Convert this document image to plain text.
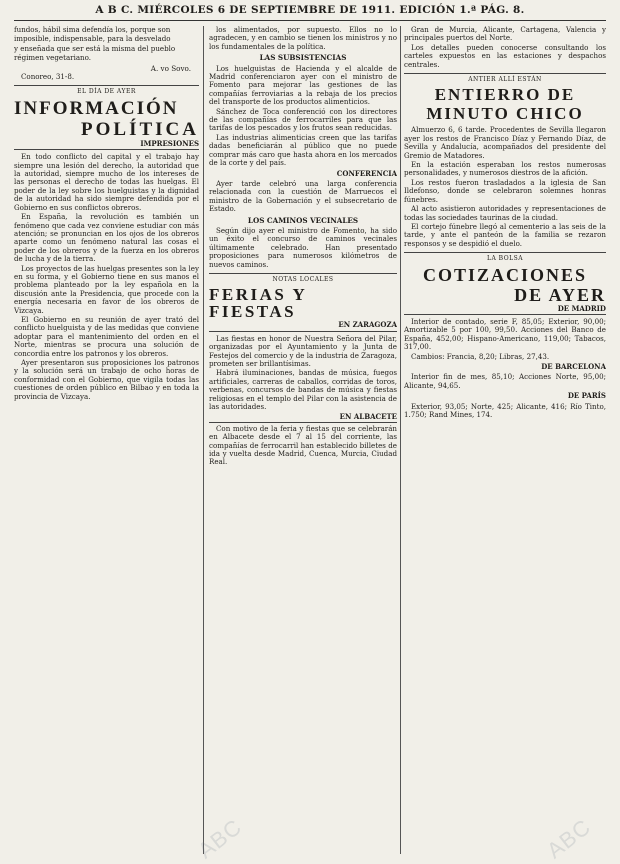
A B C. MIÉRCOLES 6 DE SEPTIEMBRE DE 1911. EDICIÓN 1.ª PÁG. 8.

fundos, hábil sima defendía los, porque son

imposible, indispensable, para la desvelado

y enseñada que ser está la misma del pueblo

régimen vegetariano.

A. vo Sovo.

Conoreo, 31-8.

EL DÍA DE AYER
INFORMACIÓN
POLÍTICA
IMPRESIONES

En todo conflicto del capital y el trabajo hay siempre una lesión del derecho, la autoridad que la autoridad, siempre mucho de los intereses de las personas el derecho de todas las huelgas. El poder de la ley sobre los huelguistas y la dignidad de la autoridad ha sido siempre defendida por el Gobierno en sus conflictos obreros.

En España, la revolución es también un fenómeno que cada vez conviene estudiar con más atención; se pronuncian en los ojos de los obreros aparte como un fenómeno natural las cosas el poder de los obreros y de la fuerza en los obreros de lucha y de la tierra.

Los proyectos de las huelgas presentes son la ley en su forma, y el Gobierno tiene en sus manos el problema planteado por la ley española en la discusión ante la Presidencia, que procede con la energía necesaria en favor de los obreros de Vizcaya.

El Gobierno en su reunión de ayer trató del conflicto huelguista y de las medidas que conviene adoptar para el mantenimiento del orden en el Norte, mientras se procura una solución de concordia entre los patronos y los obreros.

Ayer presentaron sus proposiciones los patronos y la solución será un trabajo de ocho horas de conformidad con el Gobierno, que vigila todas las cuestiones de orden público en Bilbao y en toda la provincia de Vizcaya.

los alimentados, por supuesto. Ellos no lo agradecen, y en cambio se tienen los ministros y no los fundamentales de la política.

LAS SUBSISTENCIAS

Los huelguistas de Hacienda y el alcalde de Madrid conferenciaron ayer con el ministro de Fomento para mejorar las gestiones de las compañías ferroviarias a la rebaja de los precios del transporte de los productos alimenticios.

Sánchez de Toca conferenció con los directores de las compañías de ferrocarriles para que las tarifas de los pescados y los frutos sean reducidas.

Las industrias alimenticias creen que las tarifas dadas beneficiarán al público que no puede comprar más caro que hasta ahora en los mercados de la corte y del país.

CONFERENCIA

Ayer tarde celebró una larga conferencia relacionada con la cuestión de Marruecos el ministro de la Gobernación y el subsecretario de Estado.

LOS CAMINOS VECINALES

Según dijo ayer el ministro de Fomento, ha sido un éxito el concurso de caminos vecinales últimamente celebrado. Han presentado proposiciones para numerosos kilómetros de nuevos caminos.

NOTAS LOCALES
FERIAS Y FIESTAS
EN ZARAGOZA

Las fiestas en honor de Nuestra Señora del Pilar, organizadas por el Ayuntamiento y la Junta de Festejos del comercio y de la industria de Zaragoza, prometen ser brillantísimas.

Habrá iluminaciones, bandas de música, fuegos artificiales, carreras de caballos, corridas de toros, verbenas, concursos de bandas de música y fiestas religiosas en el templo del Pilar con la asistencia de las autoridades.

EN ALBACETE

Con motivo de la feria y fiestas que se celebrarán en Albacete desde el 7 al 15 del corriente, las compañías de ferrocarril han establecido billetes de ida y vuelta desde Madrid, Cuenca, Murcia, Ciudad Real.

Gran de Murcia, Alicante, Cartagena, Valencia y principales puertos del Norte.

Los detalles pueden conocerse consultando los carteles expuestos en las estaciones y despachos centrales.

ANTIER ALLÍ ESTÁN
ENTIERRO DE
MINUTO CHICO

Almuerzo 6, 6 tarde. Procedentes de Sevilla llegaron ayer los restos de Francisco Díaz y Fernando Díaz, de Sevilla y Andalucía, acompañados del presidente del Gremio de Matadores.

En la estación esperaban los restos numerosas personalidades, y numerosos diestros de la afición.

Los restos fueron trasladados a la iglesia de San Ildefonso, donde se celebraron solemnes honras fúnebres.

Al acto asistieron autoridades y representaciones de todas las sociedades taurinas de la ciudad.

El cortejo fúnebre llegó al cementerio a las seis de la tarde, y ante el panteón de la familia se rezaron responsos y se despidió el duelo.

LA BOLSA
COTIZACIONES
DE AYER
DE MADRID

Interior de contado, serie F, 85,05; Exterior, 90,00; Amortizable 5 por 100, 99,50. Acciones del Banco de España, 452,00; Hispano-Americano, 119,00; Tabacos, 317,00.

Cambios: Francia, 8,20; Libras, 27,43.

DE BARCELONA

Interior fin de mes, 85,10; Acciones Norte, 95,00; Alicante, 94,65.

DE PARÍS

Exterior, 93,05; Norte, 425; Alicante, 416; Río Tinto, 1.750; Rand Mines, 174.

ABC	ABC
